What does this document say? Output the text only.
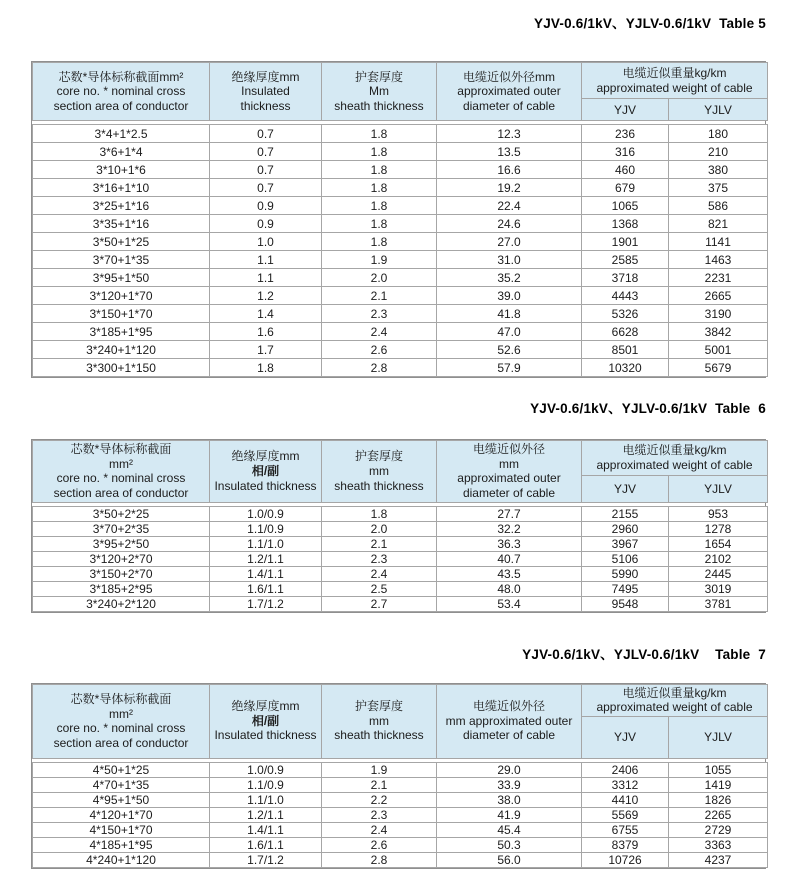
YJV-0.6/1kV、YJLV-0.6/1kV  Table 5
芯数*导体标称截面mm²
core no. * nominal cross
section area of conductor

绝缘厚度mm
Insulated
thickness

护套厚度
Mm
sheath thickness

电缆近似外径mm
approximated outer
diameter of cable

电缆近似重量kg/km
approximated weight of cable

				YJV	YJLV
3*4+1*2.5	0.7	1.8	12.3	236	180
3*6+1*4	0.7	1.8	13.5	316	210
3*10+1*6	0.7	1.8	16.6	460	380
3*16+1*10	0.7	1.8	19.2	679	375
3*25+1*16	0.9	1.8	22.4	1065	586
3*35+1*16	0.9	1.8	24.6	1368	821
3*50+1*25	1.0	1.8	27.0	1901	1141
3*70+1*35	1.1	1.9	31.0	2585	1463
3*95+1*50	1.1	2.0	35.2	3718	2231
3*120+1*70	1.2	2.1	39.0	4443	2665
3*150+1*70	1.4	2.3	41.8	5326	3190
3*185+1*95	1.6	2.4	47.0	6628	3842
3*240+1*120	1.7	2.6	52.6	8501	5001
3*300+1*150	1.8	2.8	57.9	10320	5679
YJV-0.6/1kV、YJLV-0.6/1kV  Table  6
芯数*导体标称截面
mm²
core no. * nominal cross
section area of conductor

绝缘厚度mm
相/副
Insulated thickness

护套厚度
mm
sheath thickness

电缆近似外径
mm
approximated outer
diameter of cable

电缆近似重量kg/km
approximated weight of cable

				YJV	YJLV
3*50+2*25	1.0/0.9	1.8	27.7	2155	953
3*70+2*35	1.1/0.9	2.0	32.2	2960	1278
3*95+2*50	1.1/1.0	2.1	36.3	3967	1654
3*120+2*70	1.2/1.1	2.3	40.7	5106	2102
3*150+2*70	1.4/1.1	2.4	43.5	5990	2445
3*185+2*95	1.6/1.1	2.5	48.0	7495	3019
3*240+2*120	1.7/1.2	2.7	53.4	9548	3781
YJV-0.6/1kV、YJLV-0.6/1kV    Table  7
芯数*导体标称截面
mm²
core no. * nominal cross
section area of conductor

绝缘厚度mm
相/副
Insulated thickness

护套厚度
mm
sheath thickness

电缆近似外径
mm approximated outer
diameter of cable

电缆近似重量kg/km
approximated weight of cable

				YJV	YJLV
4*50+1*25	1.0/0.9	1.9	29.0	2406	1055
4*70+1*35	1.1/0.9	2.1	33.9	3312	1419
4*95+1*50	1.1/1.0	2.2	38.0	4410	1826
4*120+1*70	1.2/1.1	2.3	41.9	5569	2265
4*150+1*70	1.4/1.1	2.4	45.4	6755	2729
4*185+1*95	1.6/1.1	2.6	50.3	8379	3363
4*240+1*120	1.7/1.2	2.8	56.0	10726	4237
